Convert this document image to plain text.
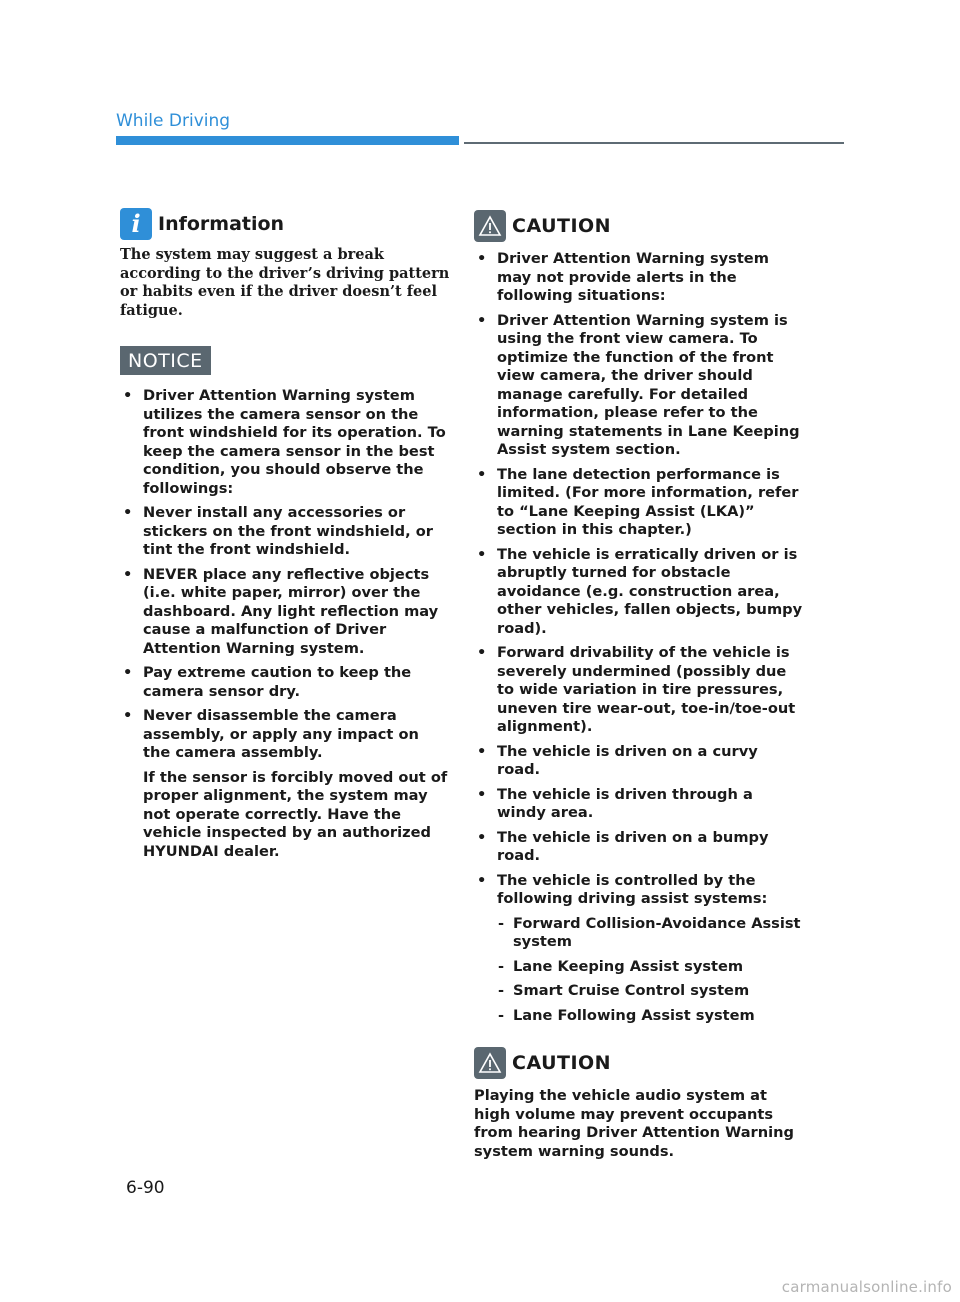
While Driving
i Information

The system may suggest a break according to the driver’s driving pattern or habits even if the driver doesn’t feel fatigue.

NOTICE
• Driver Attention Warning system utilizes the camera sensor on the front windshield for its operation. To keep the camera sensor in the best condition, you should observe the followings:
• Never install any accessories or stickers on the front windshield, or tint the front windshield.
• NEVER place any reflective objects (i.e. white paper, mirror) over the dashboard. Any light reflection may cause a malfunction of Driver Attention Warning system.
• Pay extreme caution to keep the camera sensor dry.
• Never disassemble the camera assembly, or apply any impact on the camera assembly.
If the sensor is forcibly moved out of proper alignment, the system may not operate correctly. Have the vehicle inspected by an authorized HYUNDAI dealer.
CAUTION
• Driver Attention Warning system may not provide alerts in the following situations:
• Driver Attention Warning system is using the front view camera. To optimize the function of the front view camera, the driver should manage carefully. For detailed information, please refer to the warning statements in Lane Keeping Assist system section.
• The lane detection performance is limited. (For more information, refer to “Lane Keeping Assist (LKA)” section in this chapter.)
• The vehicle is erratically driven or is abruptly turned for obstacle avoidance (e.g. construction area, other vehicles, fallen objects, bumpy road).
• Forward drivability of the vehicle is severely undermined (possibly due to wide variation in tire pressures, uneven tire wear-out, toe-in/toe-out alignment).
• The vehicle is driven on a curvy road.
• The vehicle is driven through a windy area.
• The vehicle is driven on a bumpy road.
• The vehicle is controlled by the following driving assist systems:
- Forward Collision-Avoidance Assist system
- Lane Keeping Assist system
- Smart Cruise Control system
- Lane Following Assist system
CAUTION

Playing the vehicle audio system at high volume may prevent occupants from hearing Driver Attention Warning system warning sounds.

6-90
carmanualsonline.info
